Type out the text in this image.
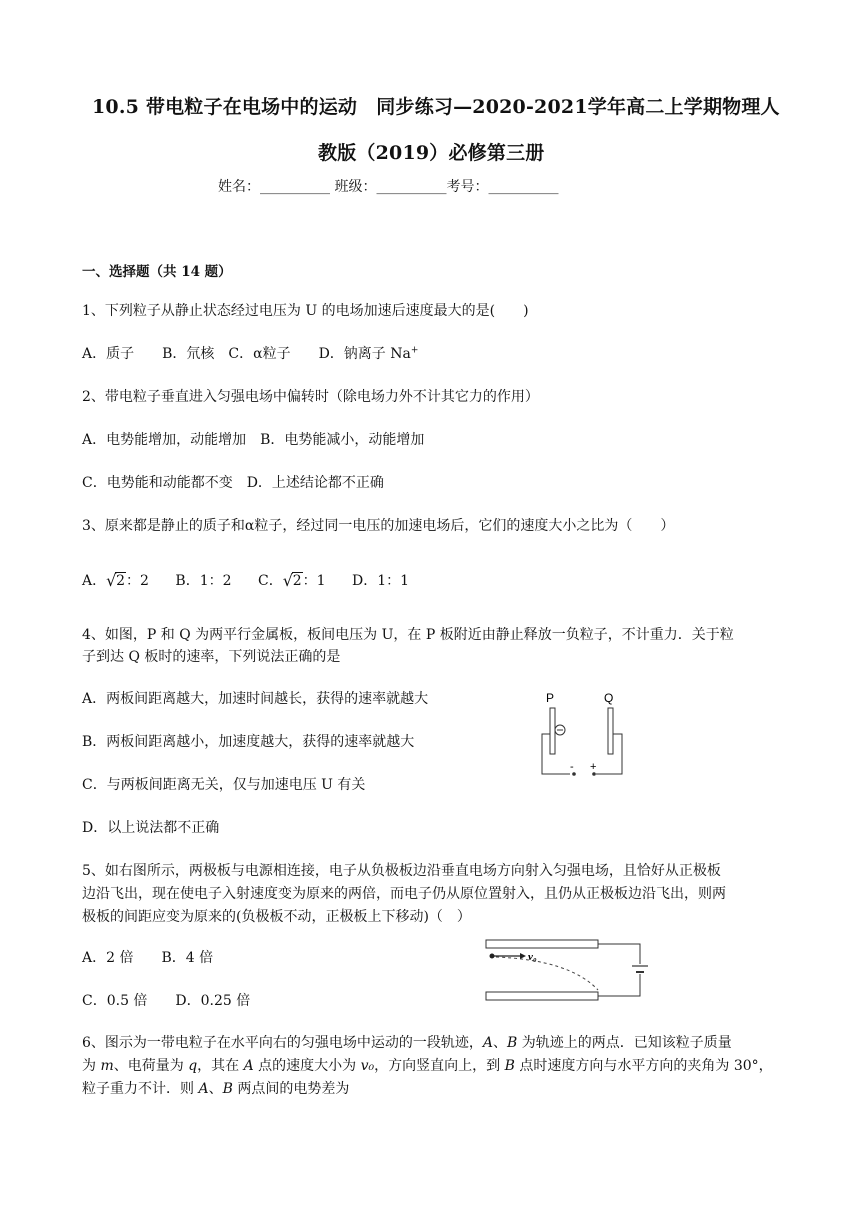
10.5 带电粒子在电场中的运动　同步练习—2020-2021学年高二上学期物理人
教版（2019）必修第三册
姓名：__________ 班级：__________考号：__________
一、选择题（共 14 题）
1、下列粒子从静止状态经过电压为 U 的电场加速后速度最大的是(　　)
A．质子　　B．氘核　C．α粒子　　D．钠离子 Na+
2、带电粒子垂直进入匀强电场中偏转时（除电场力外不计其它力的作用）
A．电势能增加，动能增加　B．电势能减小，动能增加
C．电势能和动能都不变　D．上述结论都不正确
3、原来都是静止的质子和α粒子，经过同一电压的加速电场后，它们的速度大小之比为（　　）
A． √ 2：2 B．1：2 C． √ 2：1 D．1：1
4、如图，P 和 Q 为两平行金属板，板间电压为 U，在 P 板附近由静止释放一负粒子，不计重力．关于粒
子到达 Q 板时的速率，下列说法正确的是
A．两板间距离越大，加速时间越长，获得的速率就越大
B．两板间距离越小，加速度越大，获得的速率就越大
C．与两板间距离无关，仅与加速电压 U 有关
D．以上说法都不正确
P	Q
- +
5、如右图所示，两极板与电源相连接，电子从负极板边沿垂直电场方向射入匀强电场，且恰好从正极板
边沿飞出，现在使电子入射速度变为原来的两倍，而电子仍从原位置射入，且仍从正极板边沿飞出，则两
极板的间距应变为原来的(负极板不动，正极板上下移动)（　）
A．2 倍　　B．4 倍
C．0.5 倍　　D．0.25 倍
v₀
6、图示为一带电粒子在水平向右的匀强电场中运动的一段轨迹，A、B 为轨迹上的两点．已知该粒子质量
为 m、电荷量为 q，其在 A 点的速度大小为 v₀，方向竖直向上，到 B 点时速度方向与水平方向的夹角为 30°，
粒子重力不计．则 A、B 两点间的电势差为
